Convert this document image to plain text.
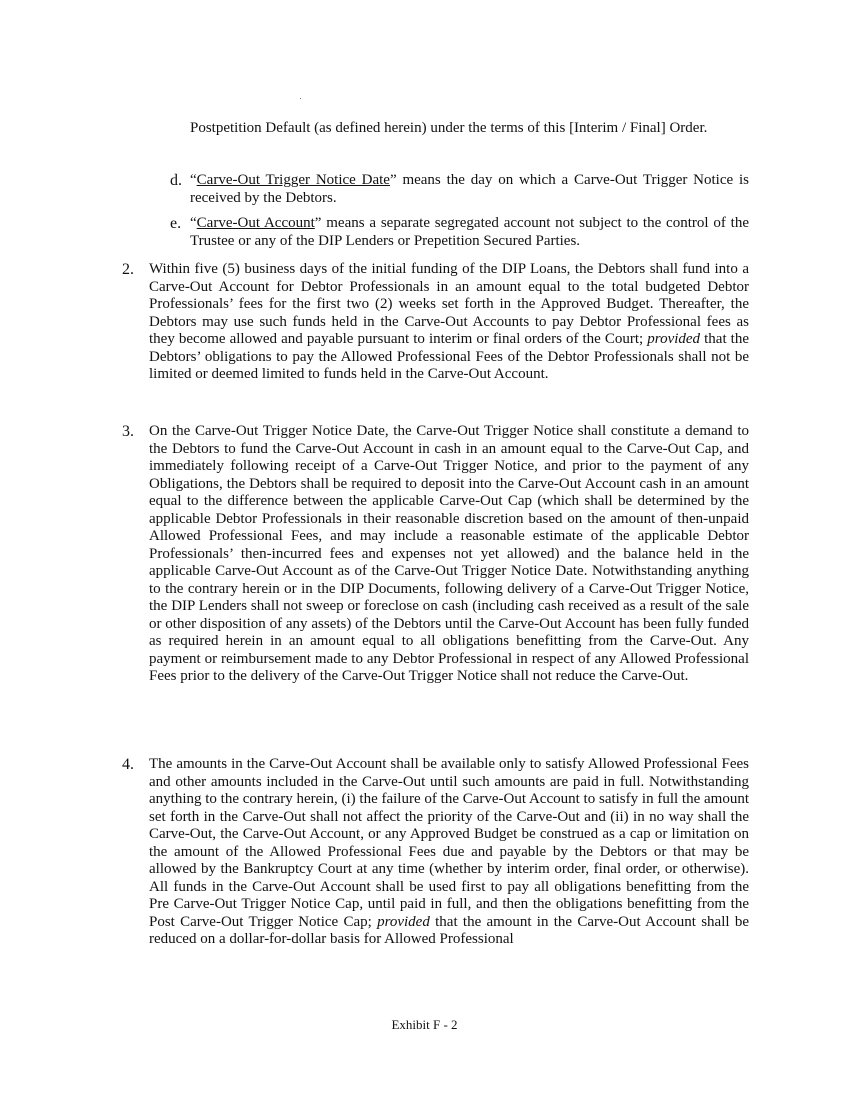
Postpetition Default (as defined herein) under the terms of this [Interim / Final] Order.

d. “Carve-Out Trigger Notice Date” means the day on which a Carve-Out Trigger Notice is received by the Debtors.

e. “Carve-Out Account” means a separate segregated account not subject to the control of the Trustee or any of the DIP Lenders or Prepetition Secured Parties.

2. Within five (5) business days of the initial funding of the DIP Loans, the Debtors shall fund into a Carve-Out Account for Debtor Professionals in an amount equal to the total budgeted Debtor Professionals’ fees for the first two (2) weeks set forth in the Approved Budget. Thereafter, the Debtors may use such funds held in the Carve-Out Accounts to pay Debtor Professional fees as they become allowed and payable pursuant to interim or final orders of the Court; provided that the Debtors’ obligations to pay the Allowed Professional Fees of the Debtor Professionals shall not be limited or deemed limited to funds held in the Carve-Out Account.

3. On the Carve-Out Trigger Notice Date, the Carve-Out Trigger Notice shall constitute a demand to the Debtors to fund the Carve-Out Account in cash in an amount equal to the Carve-Out Cap, and immediately following receipt of a Carve-Out Trigger Notice, and prior to the payment of any Obligations, the Debtors shall be required to deposit into the Carve-Out Account cash in an amount equal to the difference between the applicable Carve-Out Cap (which shall be determined by the applicable Debtor Professionals in their reasonable discretion based on the amount of then-unpaid Allowed Professional Fees, and may include a reasonable estimate of the applicable Debtor Professionals’ then-incurred fees and expenses not yet allowed) and the balance held in the applicable Carve-Out Account as of the Carve-Out Trigger Notice Date. Notwithstanding anything to the contrary herein or in the DIP Documents, following delivery of a Carve-Out Trigger Notice, the DIP Lenders shall not sweep or foreclose on cash (including cash received as a result of the sale or other disposition of any assets) of the Debtors until the Carve-Out Account has been fully funded as required herein in an amount equal to all obligations benefitting from the Carve-Out. Any payment or reimbursement made to any Debtor Professional in respect of any Allowed Professional Fees prior to the delivery of the Carve-Out Trigger Notice shall not reduce the Carve-Out.

4. The amounts in the Carve-Out Account shall be available only to satisfy Allowed Professional Fees and other amounts included in the Carve-Out until such amounts are paid in full. Notwithstanding anything to the contrary herein, (i) the failure of the Carve-Out Account to satisfy in full the amount set forth in the Carve-Out shall not affect the priority of the Carve-Out and (ii) in no way shall the Carve-Out, the Carve-Out Account, or any Approved Budget be construed as a cap or limitation on the amount of the Allowed Professional Fees due and payable by the Debtors or that may be allowed by the Bankruptcy Court at any time (whether by interim order, final order, or otherwise). All funds in the Carve-Out Account shall be used first to pay all obligations benefitting from the Pre Carve-Out Trigger Notice Cap, until paid in full, and then the obligations benefitting from the Post Carve-Out Trigger Notice Cap; provided that the amount in the Carve-Out Account shall be reduced on a dollar-for-dollar basis for Allowed Professional

Exhibit F - 2
